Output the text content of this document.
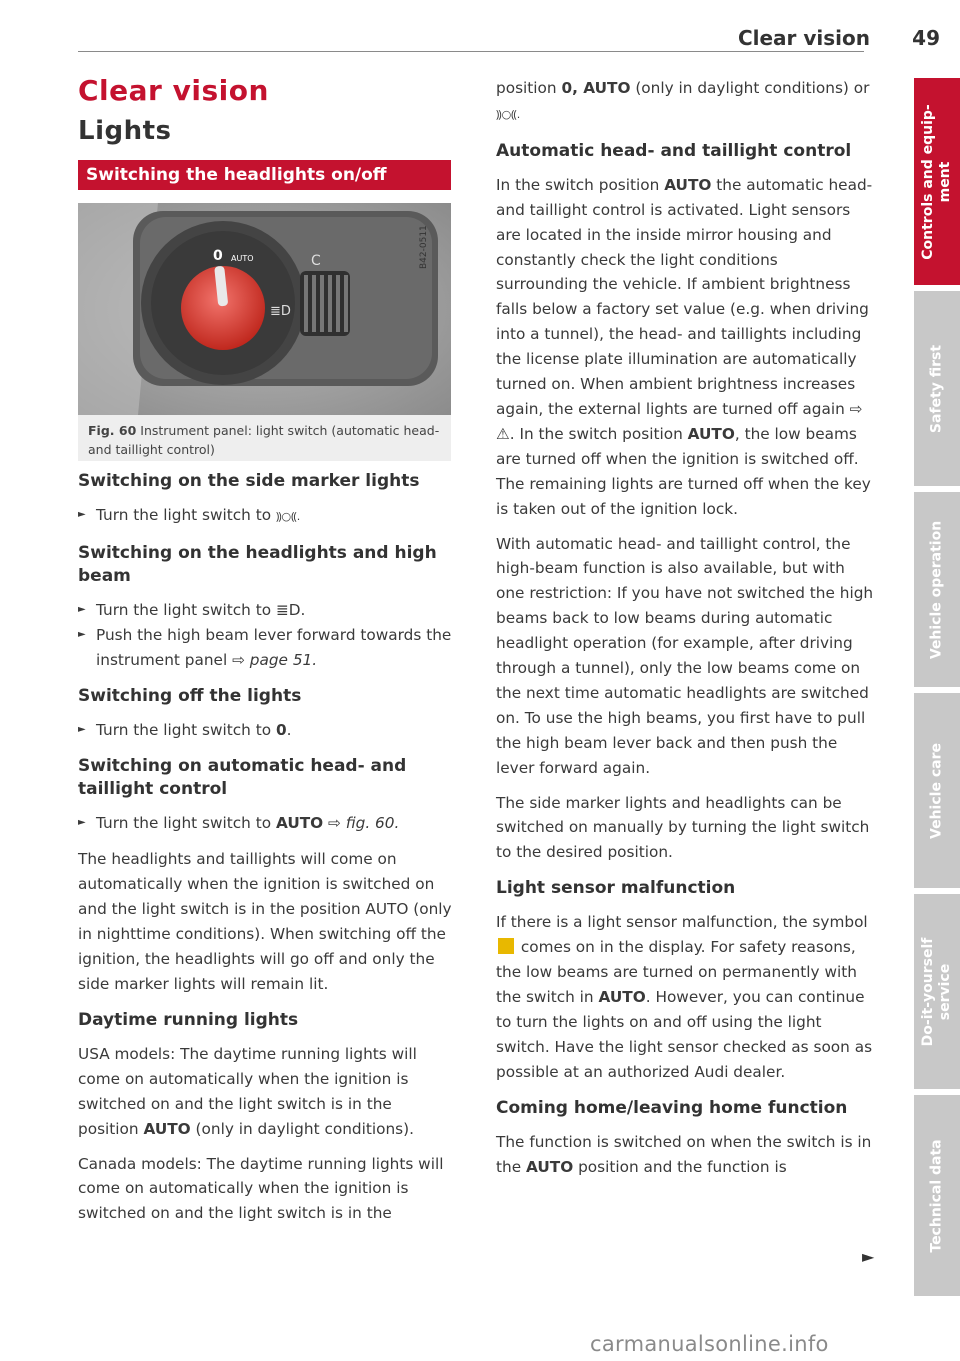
Clear vision 49
Clear vision
Lights
Switching the headlights on/off
0 AUTO	C
≣D
B42-0511
Fig. 60 Instrument panel: light switch (automatic head- and taillight control)
Switching on the side marker lights
► Turn the light switch to ⸩○⸨.
Switching on the headlights and high beam
► Turn the light switch to ≣D.
► Push the high beam lever forward towards the instrument panel ⇨ page 51.
Switching off the lights
► Turn the light switch to 0.
Switching on automatic head- and taillight control
► Turn the light switch to AUTO ⇨ fig. 60.
The headlights and taillights will come on automatically when the ignition is switched on and the light switch is in the position AUTO (only in nighttime conditions). When switching off the ignition, the headlights will go off and only the side marker lights will remain lit.
Daytime running lights
USA models: The daytime running lights will come on automatically when the ignition is switched on and the light switch is in the position AUTO (only in daylight conditions).
Canada models: The daytime running lights will come on automatically when the ignition is switched on and the light switch is in the
position 0, AUTO (only in daylight conditions) or ⸩○⸨.
Automatic head- and taillight control
In the switch position AUTO the automatic head- and taillight control is activated. Light sensors are located in the inside mirror housing and constantly check the light conditions surrounding the vehicle. If ambient brightness falls below a factory set value (e.g. when driving into a tunnel), the head- and taillights including the license plate illumination are automatically turned on. When ambient brightness increases again, the external lights are turned off again ⇨ ⚠. In the switch position AUTO, the low beams are turned off when the ignition is switched off. The remaining lights are turned off when the key is taken out of the ignition lock.
With automatic head- and taillight control, the high-beam function is also available, but with one restriction: If you have not switched the high beams back to low beams during automatic headlight operation (for example, after driving through a tunnel), only the low beams come on the next time automatic headlights are switched on. To use the high beams, you first have to pull the high beam lever back and then push the lever forward again.
The side marker lights and headlights can be switched on manually by turning the light switch to the desired position.
Light sensor malfunction
If there is a light sensor malfunction, the symbol  comes on in the display. For safety reasons, the low beams are turned on permanently with the switch in AUTO. However, you can continue to turn the lights on and off using the light switch. Have the light sensor checked as soon as possible at an authorized Audi dealer.
Coming home/leaving home function
The function is switched on when the switch is in the AUTO position and the function is
►
Controls and equip-
ment
Safety first
Vehicle operation
Vehicle care
Do-it-yourself
service
Technical data
carmanualsonline.info
